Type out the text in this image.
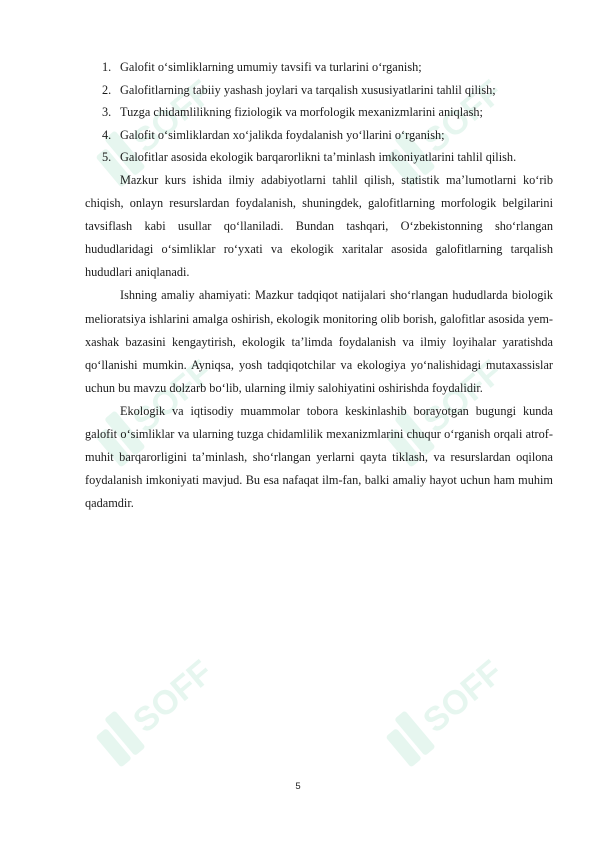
SOFF	SOFF
SOFF	SOFF
SOFF	SOFF
1. Galofit o‘simliklarning umumiy tavsifi va turlarini o‘rganish;
2. Galofitlarning tabiiy yashash joylari va tarqalish xususiyatlarini tahlil qilish;
3. Tuzga chidamlilikning fiziologik va morfologik mexanizmlarini aniqlash;
4. Galofit o‘simliklardan xo‘jalikda foydalanish yo‘llarini o‘rganish;
5. Galofitlar asosida ekologik barqarorlikni ta’minlash imkoniyatlarini tahlil qilish.

Mazkur kurs ishida ilmiy adabiyotlarni tahlil qilish, statistik ma’lumotlarni ko‘rib chiqish, onlayn resurslardan foydalanish, shuningdek, galofitlarning morfologik belgilarini tavsiflash kabi usullar qo‘llaniladi. Bundan tashqari, O‘zbekistonning sho‘rlangan hududlaridagi o‘simliklar ro‘yxati va ekologik xaritalar asosida galofitlarning tarqalish hududlari aniqlanadi.

Ishning amaliy ahamiyati: Mazkur tadqiqot natijalari sho‘rlangan hududlarda biologik melioratsiya ishlarini amalga oshirish, ekologik monitoring olib borish, galofitlar asosida yem-xashak bazasini kengaytirish, ekologik ta’limda foydalanish va ilmiy loyihalar yaratishda qo‘llanishi mumkin. Ayniqsa, yosh tadqiqotchilar va ekologiya yo‘nalishidagi mutaxassislar uchun bu mavzu dolzarb bo‘lib, ularning ilmiy salohiyatini oshirishda foydalidir.

Ekologik va iqtisodiy muammolar tobora keskinlashib borayotgan bugungi kunda galofit o‘simliklar va ularning tuzga chidamlilik mexanizmlarini chuqur o‘rganish orqali atrof-muhit barqarorligini ta’minlash, sho‘rlangan yerlarni qayta tiklash, va resurslardan oqilona foydalanish imkoniyati mavjud. Bu esa nafaqat ilm-fan, balki amaliy hayot uchun ham muhim qadamdir.

5
